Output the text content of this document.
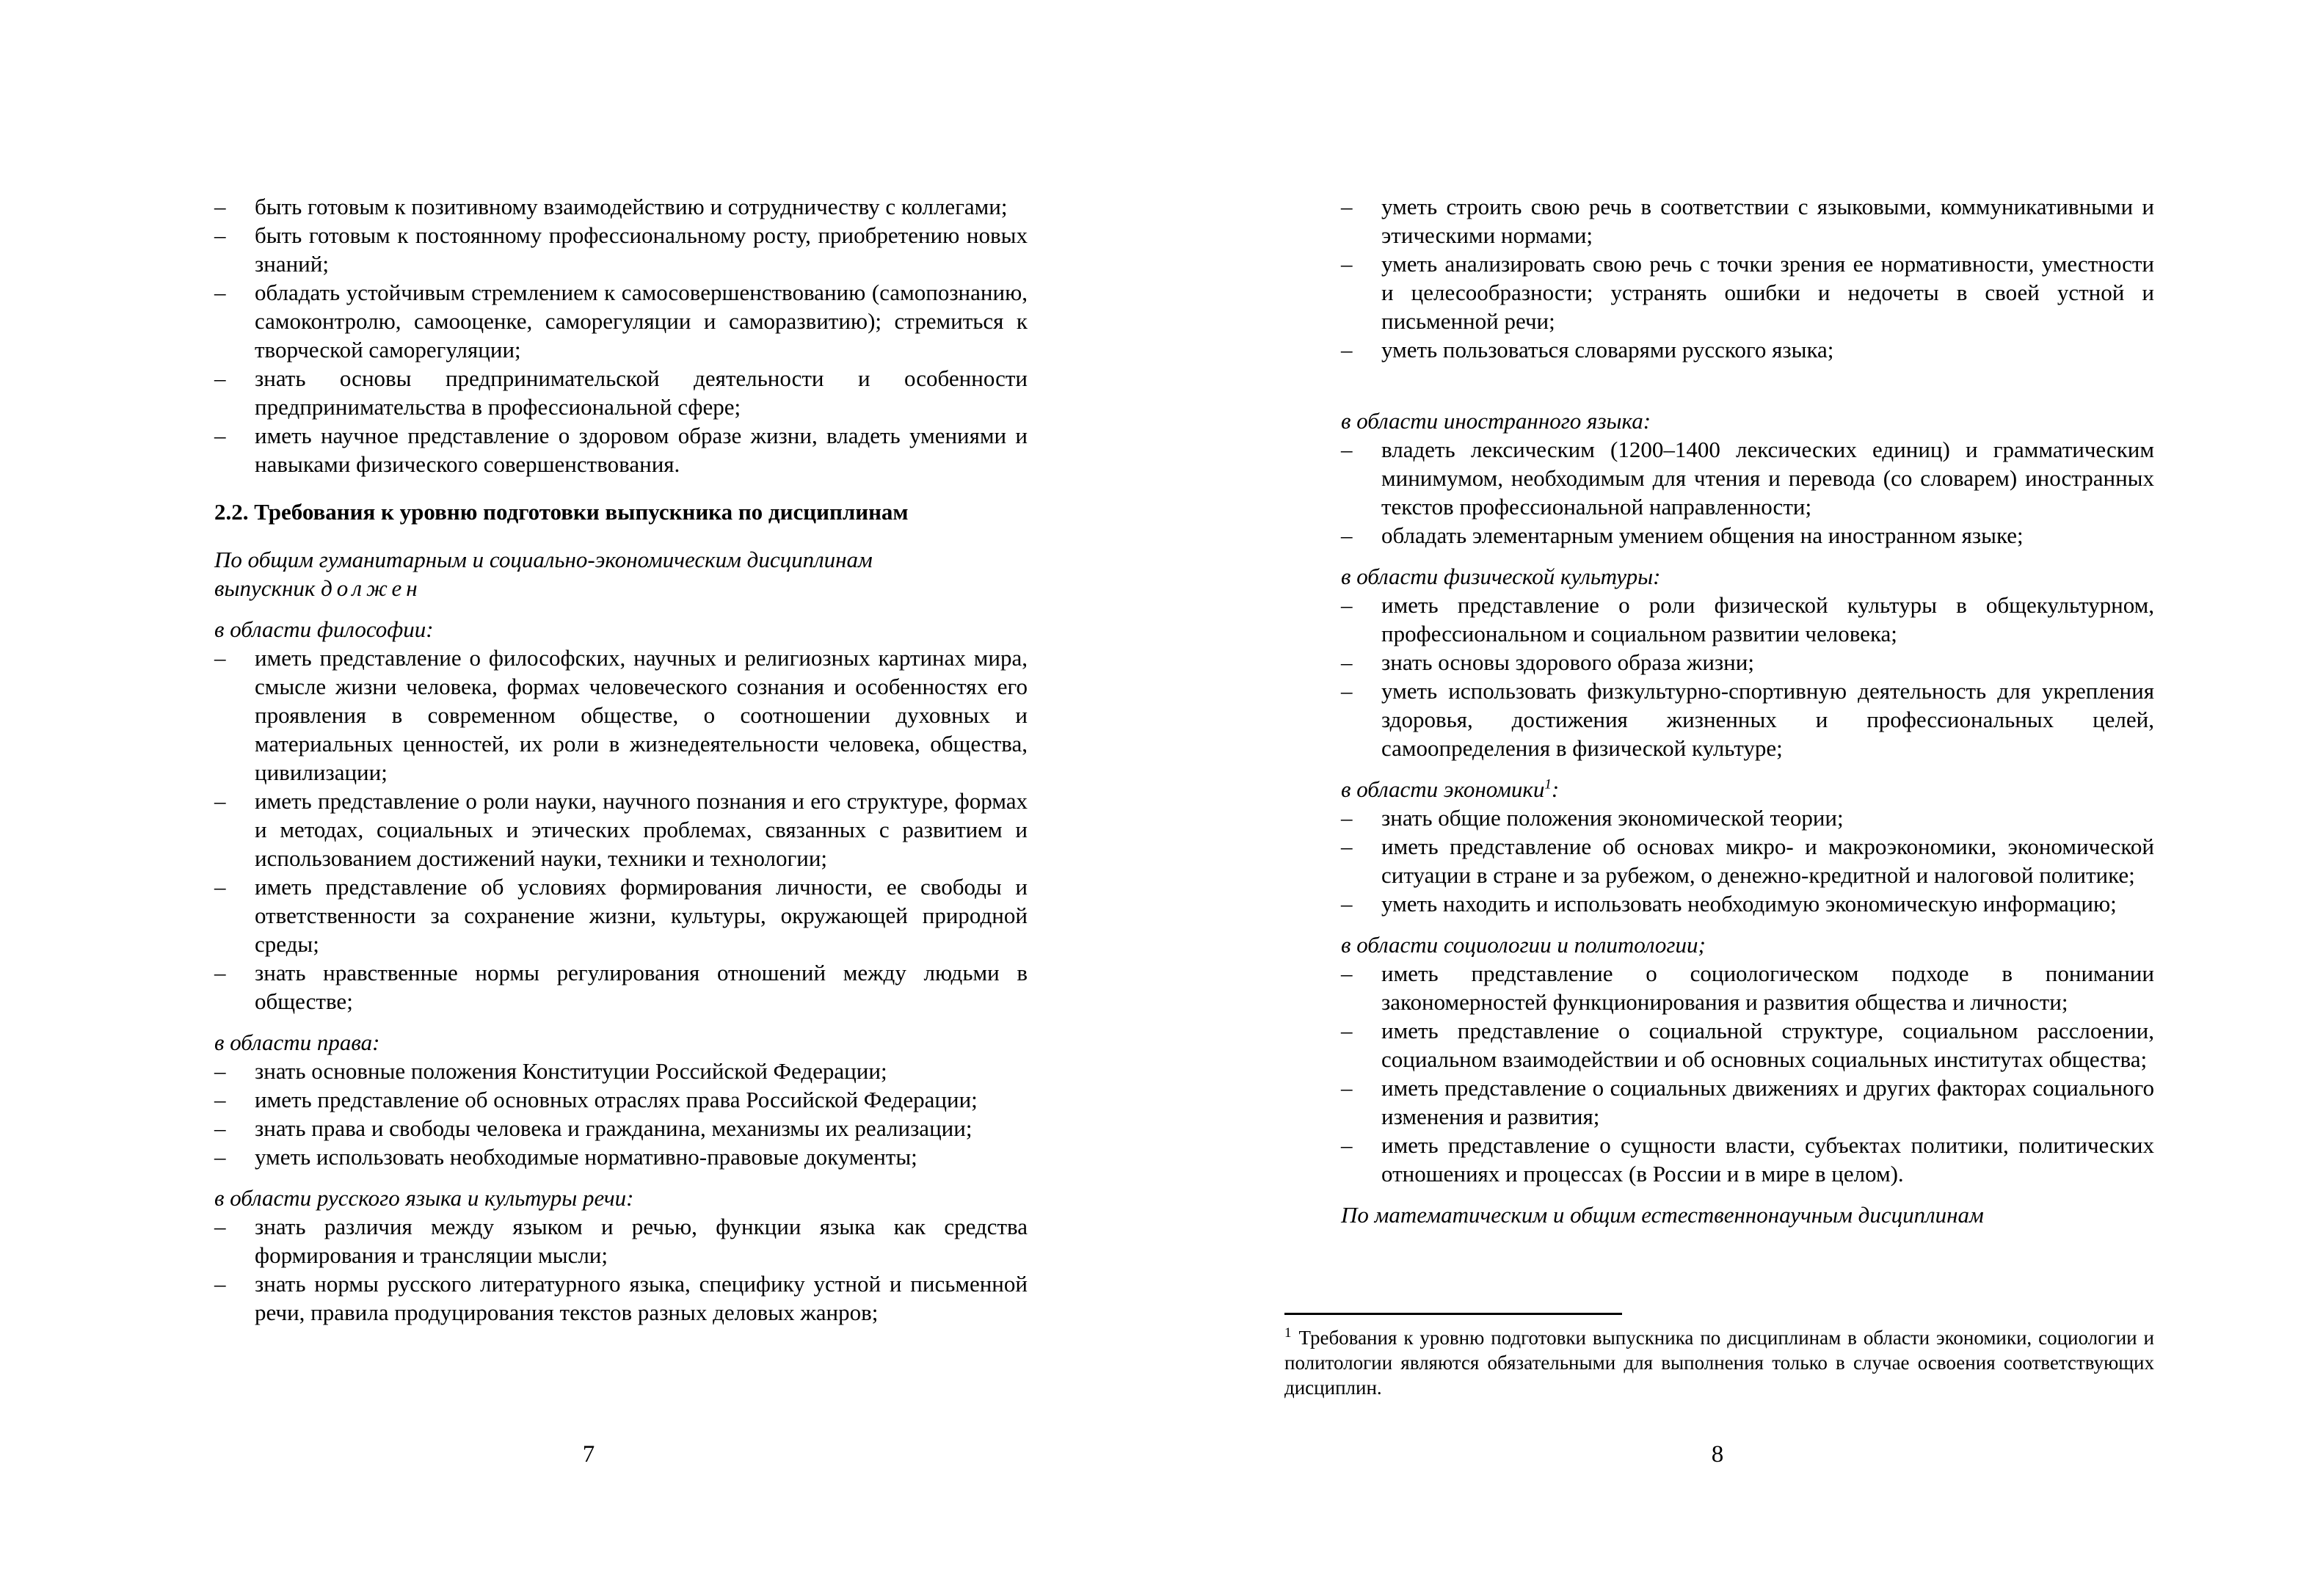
– быть готовым к позитивному взаимодействию и сотрудничеству с коллегами;
– быть готовым к постоянному профессиональному росту, приобретению новых знаний;
– обладать устойчивым стремлением к самосовершенствованию (самопознанию, самоконтролю, самооценке, саморегуляции и саморазвитию); стремиться к творческой саморегуляции;
– знать основы предпринимательской деятельности и особенности предпринимательства в профессиональной сфере;
– иметь научное представление о здоровом образе жизни, владеть умениями и навыками физического совершенствования.
2.2. Требования к уровню подготовки выпускника по дисциплинам
По общим гуманитарным и социально-экономическим дисциплинам
выпускник должен
в области философии:
– иметь представление о философских, научных и религиозных картинах мира, смысле жизни человека, формах человеческого сознания и особенностях его проявления в современном обществе, о соотношении духовных и материальных ценностей, их роли в жизнедеятельности человека, общества, цивилизации;
– иметь представление о роли науки, научного познания и его структуре, формах и методах, социальных и этических проблемах, связанных с развитием и использованием достижений науки, техники и технологии;
– иметь представление об условиях формирования личности, ее свободы и ответственности за сохранение жизни, культуры, окружающей природной среды;
– знать нравственные нормы регулирования отношений между людьми в обществе;
в области права:
– знать основные положения Конституции Российской Федерации;
– иметь представление об основных отраслях права Российской Федерации;
– знать права и свободы человека и гражданина, механизмы их реализации;
– уметь использовать необходимые нормативно-правовые документы;
в области русского языка и культуры речи:
– знать различия между языком и речью, функции языка как средства формирования и трансляции мысли;
– знать нормы русского литературного языка, специфику устной и письменной речи, правила продуцирования текстов разных деловых жанров;
7
– уметь строить свою речь в соответствии с языковыми, коммуникативными и этическими нормами;
– уметь анализировать свою речь с точки зрения ее нормативности, уместности и целесообразности; устранять ошибки и недочеты в своей устной и письменной речи;
– уметь пользоваться словарями русского языка;
в области иностранного языка:
– владеть лексическим (1200–1400 лексических единиц) и грамматическим минимумом, необходимым для чтения и перевода (со словарем) иностранных текстов профессиональной направленности;
– обладать элементарным умением общения на иностранном языке;
в области физической культуры:
– иметь представление о роли физической культуры в общекультурном, профессиональном и социальном развитии человека;
– знать основы здорового образа жизни;
– уметь использовать физкультурно-спортивную деятельность для укрепления здоровья, достижения жизненных и профессиональных целей, самоопределения в физической культуре;
в области экономики$^1$:
– знать общие положения экономической теории;
– иметь представление об основах микро- и макроэкономики, экономической ситуации в стране и за рубежом, о денежно-кредитной и налоговой политике;
– уметь находить и использовать необходимую экономическую информацию;
в области социологии и политологии;
– иметь представление о социологическом подходе в понимании закономерностей функционирования и развития общества и личности;
– иметь представление о социальной структуре, социальном расслоении, социальном взаимодействии и об основных социальных институтах общества;
– иметь представление о социальных движениях и других факторах социального изменения и развития;
– иметь представление о сущности власти, субъектах политики, политических отношениях и процессах (в России и в мире в целом).
По математическим и общим естественнонаучным дисциплинам
$^1$ Требования к уровню подготовки выпускника по дисциплинам в области экономики, социологии и политологии являются обязательными для выполнения только в случае освоения соответствующих дисциплин.
8
